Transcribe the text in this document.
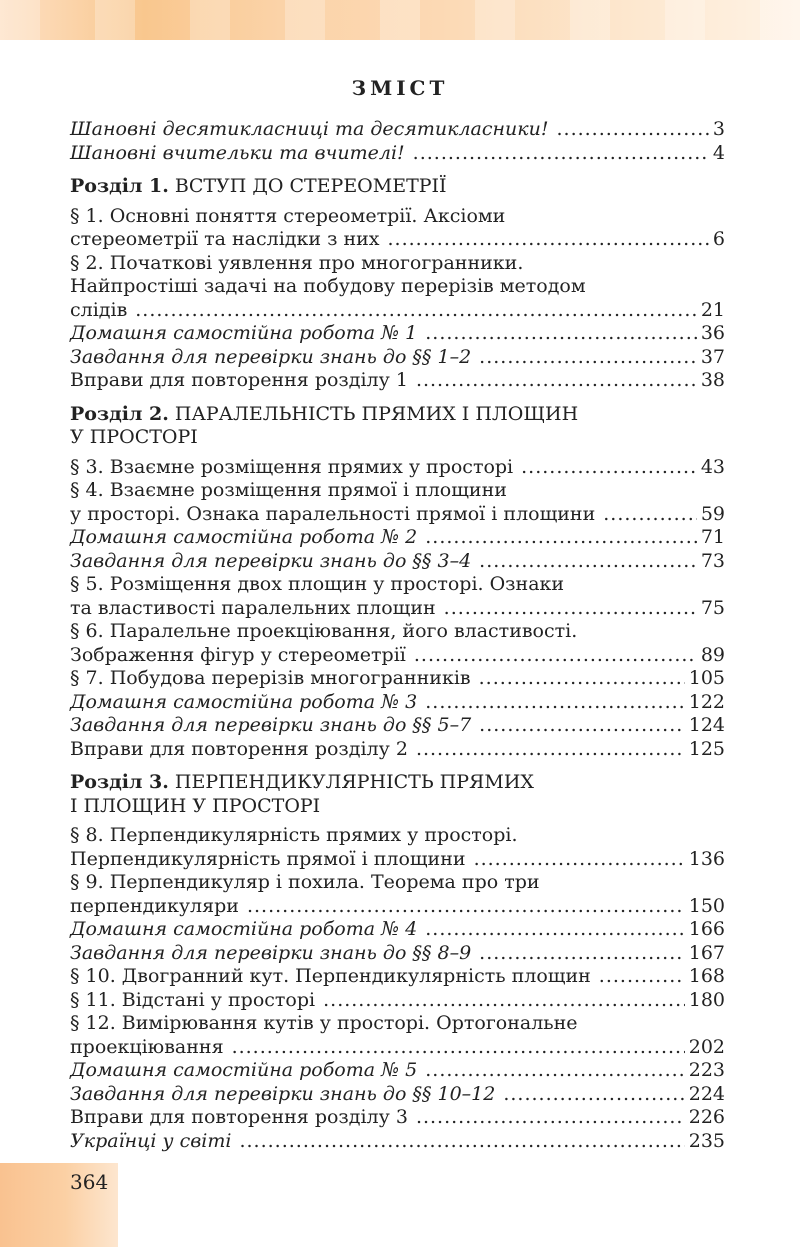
ЗМІСТ
Шановні десятикласниці та десятикласники! .....	3
Шановні вчительки та вчителі! .....	4
Розділ 1. ВСТУП ДО СТЕРЕОМЕТРІЇ
§ 1. Основні поняття стереометрії. Аксіоми
стереометрії та наслідки з них .....	6
§ 2. Початкові уявлення про многогранники.
Найпростіші задачі на побудову перерізів методом
слідів .....	21
Домашня самостійна робота № 1 .....	36
Завдання для перевірки знань до §§ 1–2 .....	37
Вправи для повторення розділу 1 .....	38
Розділ 2. ПАРАЛЕЛЬНІСТЬ ПРЯМИХ І ПЛОЩИН
У ПРОСТОРІ
§ 3. Взаємне розміщення прямих у просторі .....	43
§ 4. Взаємне розміщення прямої і площини
у просторі. Ознака паралельності прямої і площини .....	59
Домашня самостійна робота № 2 .....	71
Завдання для перевірки знань до §§ 3–4 .....	73
§ 5. Розміщення двох площин у просторі. Ознаки
та властивості паралельних площин .....	75
§ 6. Паралельне проекціювання, його властивості.
Зображення фігур у стереометрії .....	89
§ 7. Побудова перерізів многогранників .....	105
Домашня самостійна робота № 3 .....	122
Завдання для перевірки знань до §§ 5–7 .....	124
Вправи для повторення розділу 2 .....	125
Розділ 3. ПЕРПЕНДИКУЛЯРНІСТЬ ПРЯМИХ
І ПЛОЩИН У ПРОСТОРІ
§ 8. Перпендикулярність прямих у просторі.
Перпендикулярність прямої і площини .....	136
§ 9. Перпендикуляр і похила. Теорема про три
перпендикуляри .....	150
Домашня самостійна робота № 4 .....	166
Завдання для перевірки знань до §§ 8–9 .....	167
§ 10. Двогранний кут. Перпендикулярність площин .....	168
§ 11. Відстані у просторі .....	180
§ 12. Вимірювання кутів у просторі. Ортогональне
проекціювання .....	202
Домашня самостійна робота № 5 .....	223
Завдання для перевірки знань до §§ 10–12 .....	224
Вправи для повторення розділу 3 .....	226
Українці у світі .....	235
364
